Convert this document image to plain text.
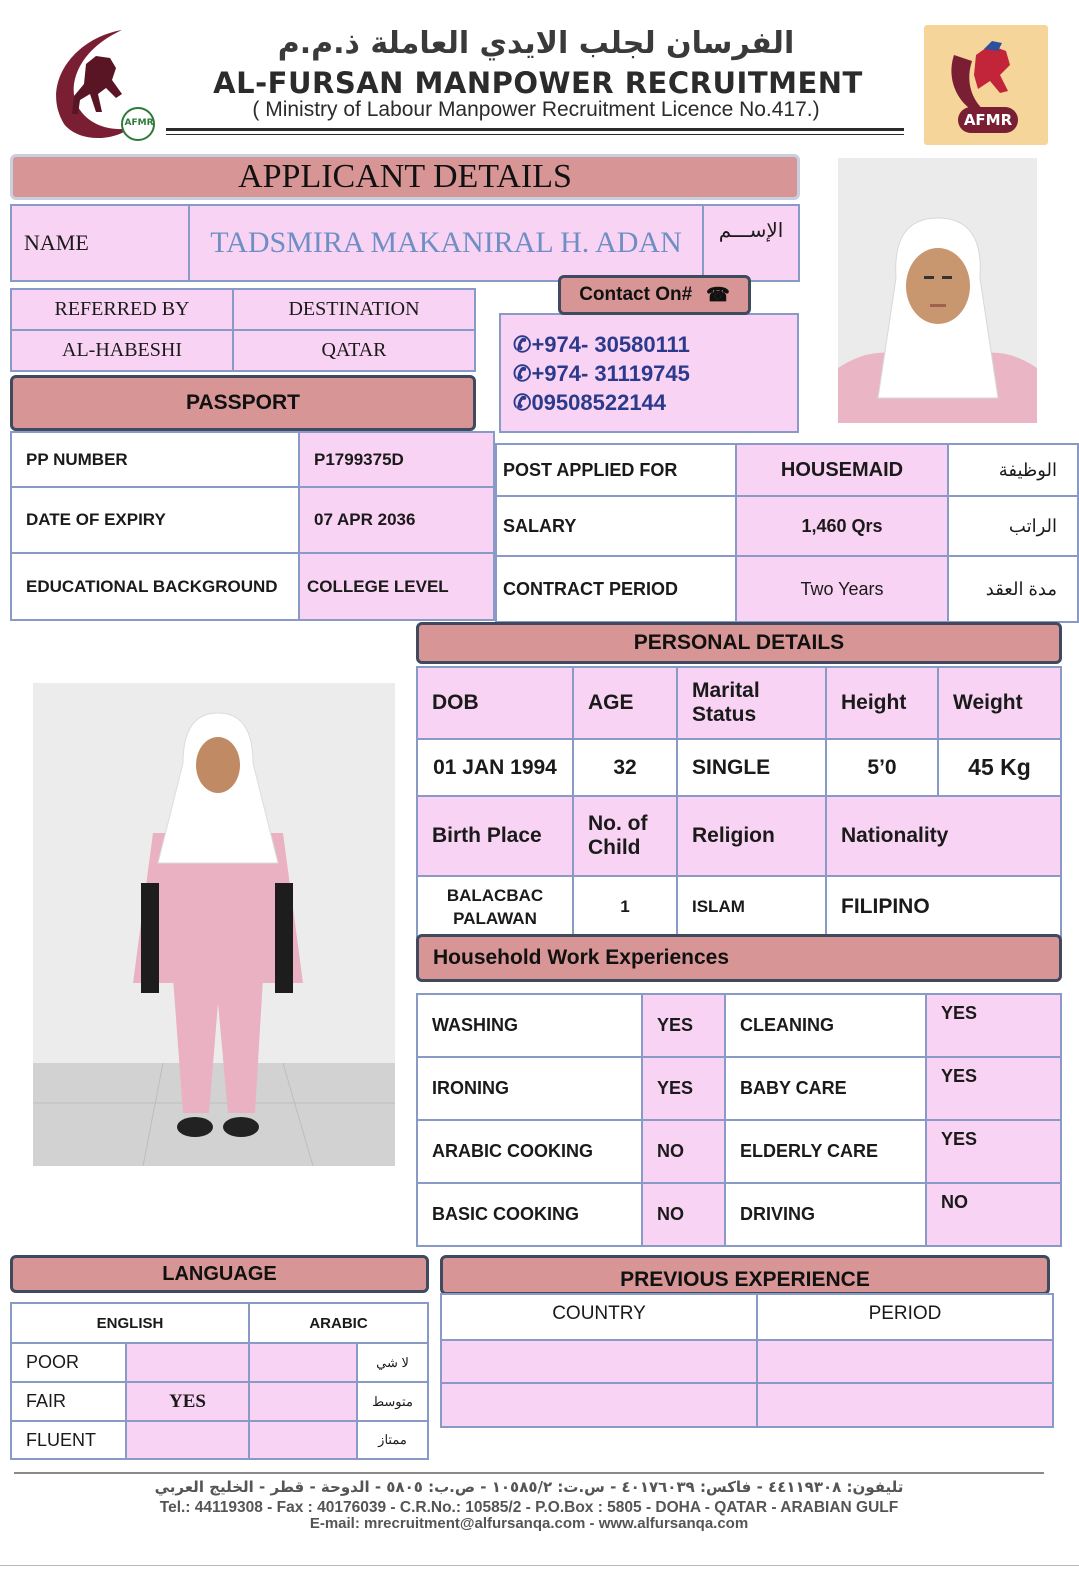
AFMR
الفرسان لجلب الايدي العاملة ذ.م.م
AL-FURSAN MANPOWER RECRUITMENT
( Ministry of Labour Manpower Recruitment Licence No.417.)	AFMR
APPLICANT DETAILS
NAME	TADSMIRA MAKANIRAL H. ADAN	الإســـم
REFERRED BY	DESTINATION
AL-HABESHI	QATAR
Contact On# ☎
✆+974- 30580111
✆+974- 31119745
✆09508522144
PASSPORT
PP NUMBER	P1799375D

DATE OF EXPIRY	07 APR 2036

EDUCATIONAL BACKGROUND	COLLEGE LEVEL
POST APPLIED FOR	HOUSEMAID	الوظيفة

SALARY	1,460 Qrs	الراتب

CONTRACT PERIOD	Two Years	مدة العقد
PERSONAL DETAILS
DOB	AGE	Marital Status	Height	Weight

01 JAN 1994	32	SINGLE	5’0	45 Kg

Birth Place	No. of Child	Religion	Nationality	

BALACBAC PALAWAN	1	ISLAM	FILIPINO	
Household Work Experiences
WASHING	YES	CLEANING	YES

IRONING	YES	BABY CARE	YES

ARABIC COOKING	NO	ELDERLY CARE	YES

BASIC COOKING	NO	DRIVING	NO
LANGUAGE
ENGLISH		ARABIC	

POOR			لا شي

FAIR	YES		متوسط

FLUENT			ممتاز
PREVIOUS EXPERIENCE
COUNTRY	PERIOD

تليفون: ٤٤١١٩٣٠٨ - فاكس: ٤٠١٧٦٠٣٩ - س.ت: ١٠٥٨٥/٢ - ص.ب: ٥٨٠٥ - الدوحة - قطر - الخليج العربي
Tel.: 44119308 - Fax : 40176039 - C.R.No.: 10585/2 - P.O.Box : 5805 - DOHA - QATAR - ARABIAN GULF
E-mail: mrecruitment@alfursanqa.com - www.alfursanqa.com
